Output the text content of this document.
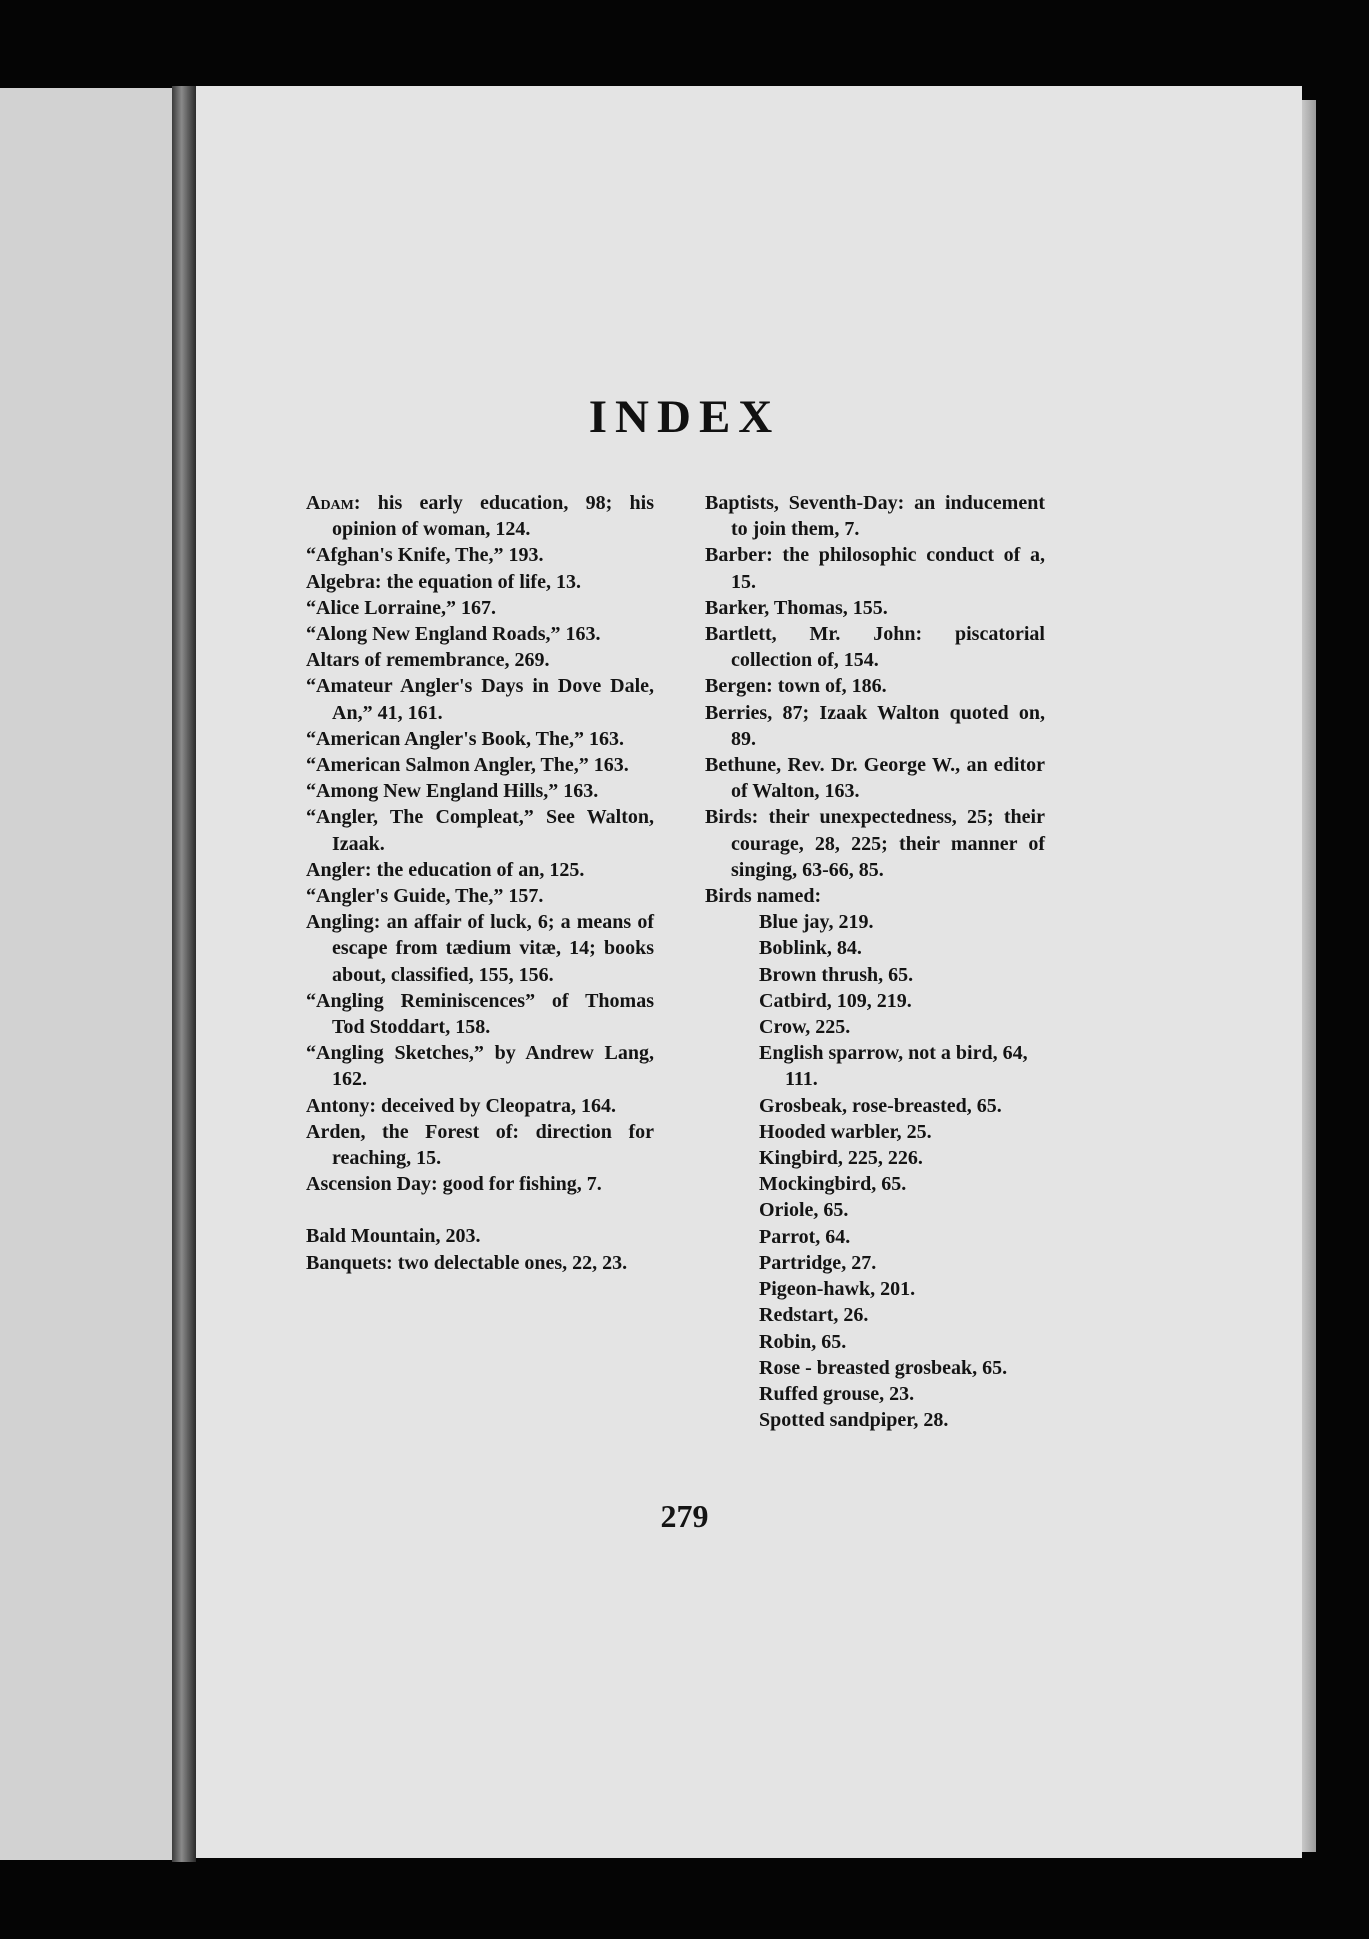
INDEX

Adam: his early education, 98; his opinion of woman, 124.

“Afghan's Knife, The,” 193.

Algebra: the equation of life, 13.

“Alice Lorraine,” 167.

“Along New England Roads,” 163.

Altars of remembrance, 269.

“Amateur Angler's Days in Dove Dale, An,” 41, 161.

“American Angler's Book, The,” 163.

“American Salmon Angler, The,” 163.

“Among New England Hills,” 163.

“Angler, The Compleat,” See Walton, Izaak.

Angler: the education of an, 125.

“Angler's Guide, The,” 157.

Angling: an affair of luck, 6; a means of escape from tædium vitæ, 14; books about, classified, 155, 156.

“Angling Reminiscences” of Thomas Tod Stoddart, 158.

“Angling Sketches,” by Andrew Lang, 162.

Antony: deceived by Cleopatra, 164.

Arden, the Forest of: direction for reaching, 15.

Ascension Day: good for fishing, 7.

Bald Mountain, 203.

Banquets: two delectable ones, 22, 23.

Baptists, Seventh-Day: an inducement to join them, 7.

Barber: the philosophic conduct of a, 15.

Barker, Thomas, 155.

Bartlett, Mr. John: piscatorial collection of, 154.

Bergen: town of, 186.

Berries, 87; Izaak Walton quoted on, 89.

Bethune, Rev. Dr. George W., an editor of Walton, 163.

Birds: their unexpectedness, 25; their courage, 28, 225; their manner of singing, 63-66, 85.

Birds named:

Blue jay, 219.

Boblink, 84.

Brown thrush, 65.

Catbird, 109, 219.

Crow, 225.

English sparrow, not a bird, 64, 111.

Grosbeak, rose-breasted, 65.

Hooded warbler, 25.

Kingbird, 225, 226.

Mockingbird, 65.

Oriole, 65.

Parrot, 64.

Partridge, 27.

Pigeon-hawk, 201.

Redstart, 26.

Robin, 65.

Rose - breasted grosbeak, 65.

Ruffed grouse, 23.

Spotted sandpiper, 28.

279
